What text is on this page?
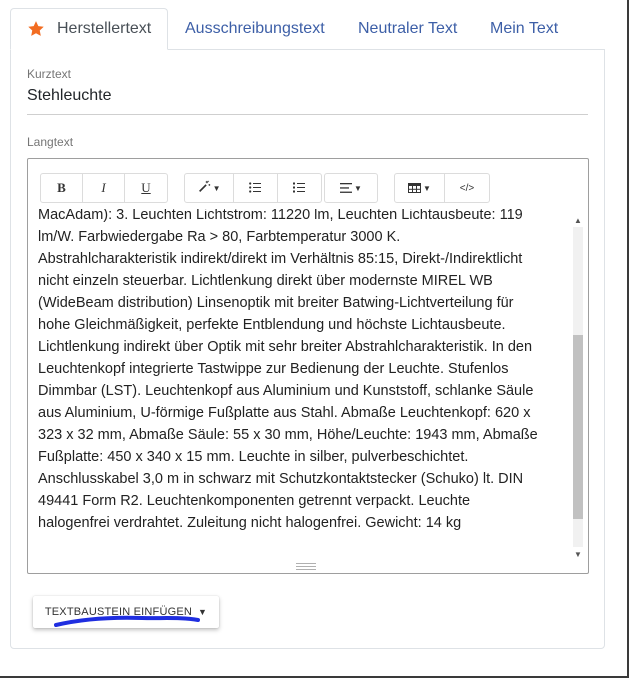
Herstellertext Ausschreibungstext Neutraler Text Mein Text
Kurztext
Stehleuchte
Langtext
B	I	U	▼	▼	▼	</>
MacAdam): 3. Leuchten Lichtstrom: 11220 lm, Leuchten Lichtausbeute: 119
lm/W. Farbwiedergabe Ra > 80, Farbtemperatur 3000 K.
Abstrahlcharakteristik indirekt/direkt im Verhältnis 85:15, Direkt-/Indirektlicht
nicht einzeln steuerbar. Lichtlenkung direkt über modernste MIREL WB
(WideBeam distribution) Linsenoptik mit breiter Batwing-Lichtverteilung für
hohe Gleichmäßigkeit, perfekte Entblendung und höchste Lichtausbeute.
Lichtlenkung indirekt über Optik mit sehr breiter Abstrahlcharakteristik. In den
Leuchtenkopf integrierte Tastwippe zur Bedienung der Leuchte. Stufenlos
Dimmbar (LST). Leuchtenkopf aus Aluminium und Kunststoff, schlanke Säule
aus Aluminium, U-förmige Fußplatte aus Stahl. Abmaße Leuchtenkopf: 620 x
323 x 32 mm, Abmaße Säule: 55 x 30 mm, Höhe/Leuchte: 1943 mm, Abmaße
Fußplatte: 450 x 340 x 15 mm. Leuchte in silber, pulverbeschichtet.
Anschlusskabel 3,0 m in schwarz mit Schutzkontaktstecker (Schuko) lt. DIN
49441 Form R2. Leuchtenkomponenten getrennt verpackt. Leuchte
halogenfrei verdrahtet. Zuleitung nicht halogenfrei. Gewicht: 14 kg
▲
▼
TEXTBAUSTEIN EINFÜGEN ▼
